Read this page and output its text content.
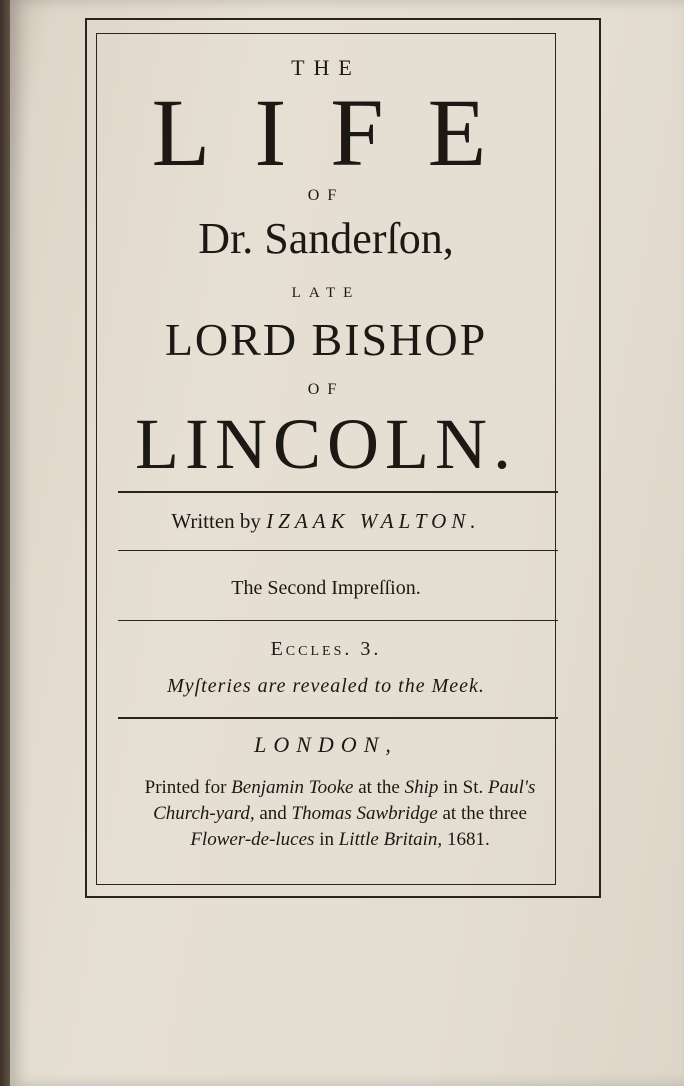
THE
LIFE
OF
Dr. Sanderſon,
LATE
LORD BISHOP
OF
LINCOLN.
Written by IZAAK WALTON.
The Second Impreſſion.
Eccles. 3.
Myſteries are revealed to the Meek.
LONDON,
Printed for Benjamin Tooke at the Ship in St. Paul's
Church-yard, and Thomas Sawbridge at the three
Flower-de-luces in Little Britain, 1681.
